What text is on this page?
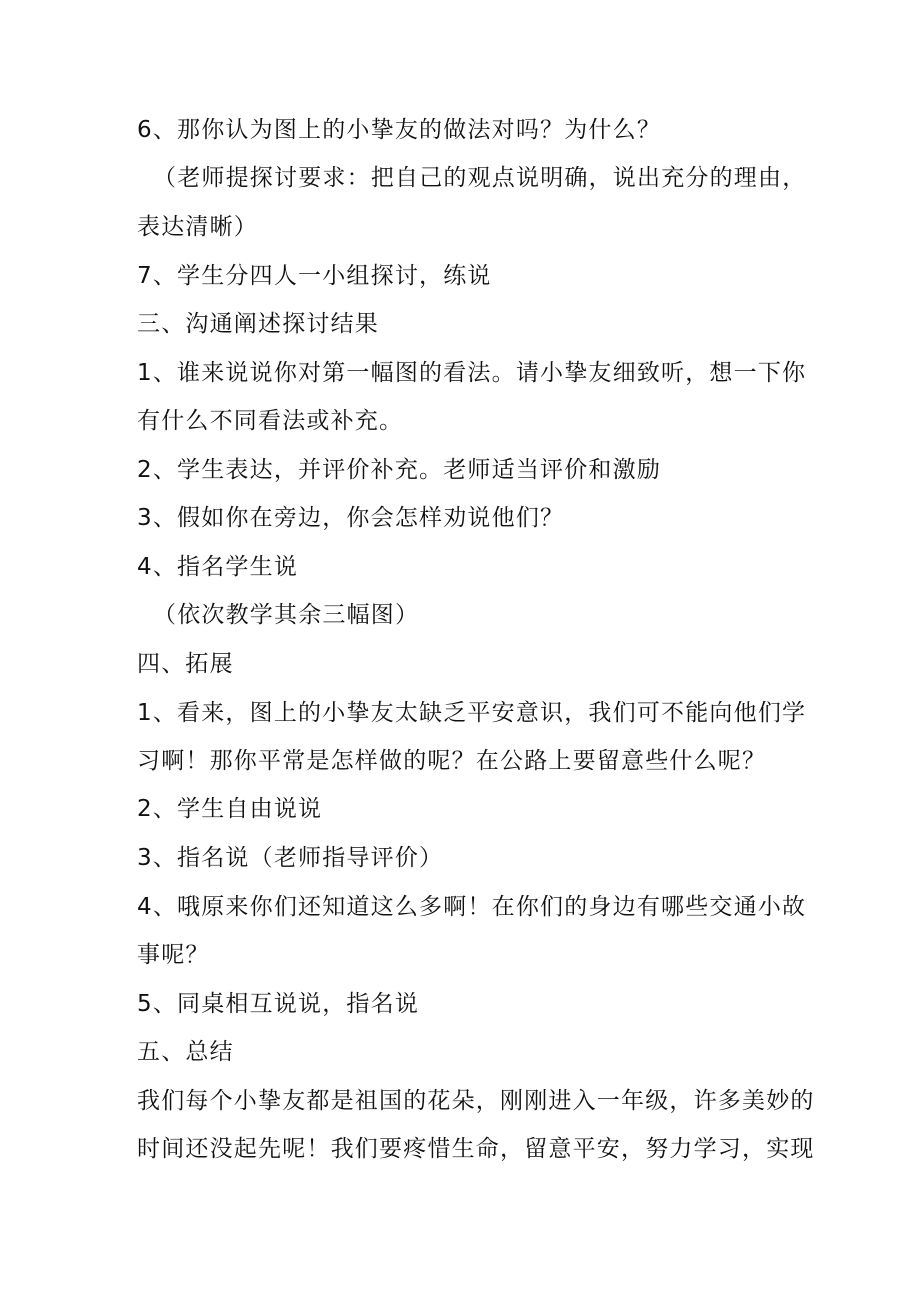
6、那你认为图上的小挚友的做法对吗？为什么？
（老师提探讨要求：把自己的观点说明确，说出充分的理由，
表达清晰）
7、学生分四人一小组探讨，练说
三、沟通阐述探讨结果
1、谁来说说你对第一幅图的看法。请小挚友细致听，想一下你
有什么不同看法或补充。
2、学生表达，并评价补充。老师适当评价和激励
3、假如你在旁边，你会怎样劝说他们？
4、指名学生说
（依次教学其余三幅图）
四、拓展
1、看来，图上的小挚友太缺乏平安意识，我们可不能向他们学
习啊！那你平常是怎样做的呢？在公路上要留意些什么呢？
2、学生自由说说
3、指名说（老师指导评价）
4、哦原来你们还知道这么多啊！在你们的身边有哪些交通小故
事呢？
5、同桌相互说说，指名说
五、总结
我们每个小挚友都是祖国的花朵，刚刚进入一年级，许多美妙的
时间还没起先呢！我们要疼惜生命，留意平安，努力学习，实现
